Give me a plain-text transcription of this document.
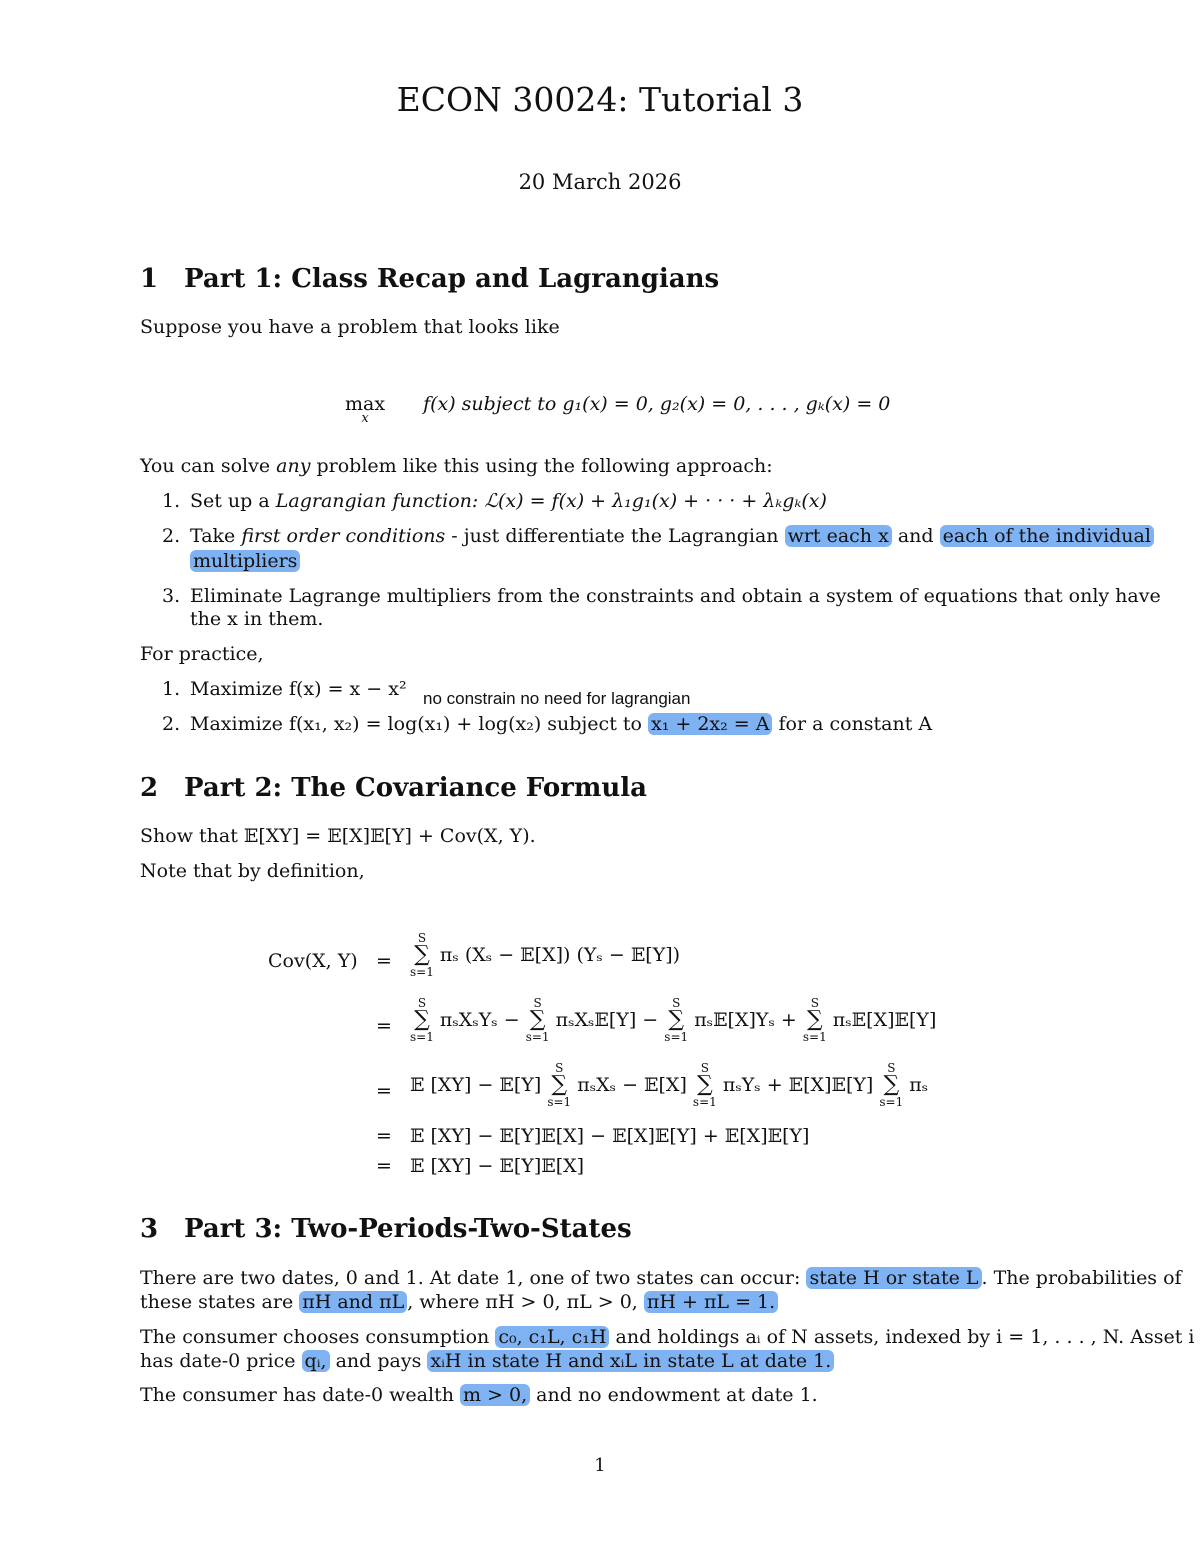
ECON 30024: Tutorial 3
20 March 2026
1 Part 1: Class Recap and Lagrangians
Suppose you have a problem that looks like
max
x
f(x) subject to g₁(x) = 0, g₂(x) = 0, . . . , gₖ(x) = 0
You can solve any problem like this using the following approach:
1. Set up a Lagrangian function: ℒ(x) = f(x) + λ₁g₁(x) + · · · + λₖgₖ(x)
2. Take first order conditions - just differentiate the Lagrangian wrt each x and each of the individual
multipliers
3. Eliminate Lagrange multipliers from the constraints and obtain a system of equations that only have
the x in them.
For practice,
1. Maximize f(x) = x − x² no constrain no need for lagrangian
2. Maximize f(x₁, x₂) = log(x₁) + log(x₂) subject to x₁ + 2x₂ = A for a constant A
2 Part 2: The Covariance Formula
Show that 𝔼[XY] = 𝔼[X]𝔼[Y] + Cov(X, Y).
Note that by definition,
Cov(X, Y) =
S
∑
s=1
πₛ (Xₛ − 𝔼[X]) (Yₛ − 𝔼[Y])
=
S
∑
s=1
πₛXₛYₛ −
S
∑
s=1
πₛXₛ𝔼[Y] −
S
∑
s=1
πₛ𝔼[X]Yₛ +
S
∑
s=1
πₛ𝔼[X]𝔼[Y]
= 𝔼 [XY] − 𝔼[Y]
S
∑
s=1
πₛXₛ − 𝔼[X]
S
∑
s=1
πₛYₛ + 𝔼[X]𝔼[Y]
S
∑
s=1
πₛ
= 𝔼 [XY] − 𝔼[Y]𝔼[X] − 𝔼[X]𝔼[Y] + 𝔼[X]𝔼[Y]
= 𝔼 [XY] − 𝔼[Y]𝔼[X]
3 Part 3: Two-Periods-Two-States
There are two dates, 0 and 1. At date 1, one of two states can occur: state H or state L . The probabilities of
these states are πH and πL , where πH > 0, πL > 0, πH + πL = 1.
The consumer chooses consumption c₀, c₁L, c₁H and holdings aᵢ of N assets, indexed by i = 1, . . . , N. Asset i
has date-0 price qᵢ, and pays xᵢH in state H and xᵢL in state L at date 1.
The consumer has date-0 wealth m > 0, and no endowment at date 1.
1
